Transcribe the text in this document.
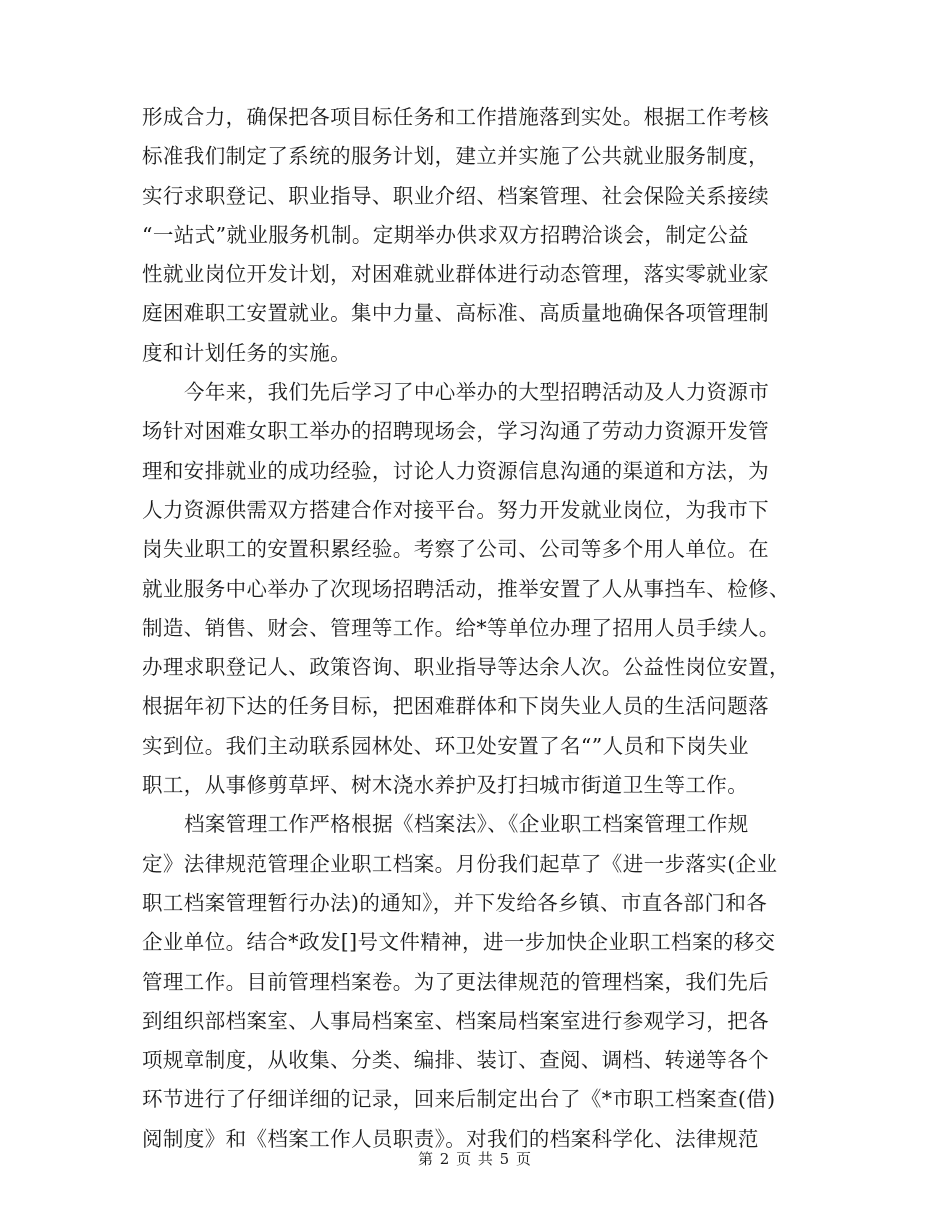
形成合力，确保把各项目标任务和工作措施落到实处。根据工作考核
标准我们制定了系统的服务计划，建立并实施了公共就业服务制度，
实行求职登记、职业指导、职业介绍、档案管理、社会保险关系接续
“一站式”就业服务机制。定期举办供求双方招聘洽谈会，制定公益
性就业岗位开发计划，对困难就业群体进行动态管理，落实零就业家
庭困难职工安置就业。集中力量、高标准、高质量地确保各项管理制
度和计划任务的实施。
今年来，我们先后学习了中心举办的大型招聘活动及人力资源市
场针对困难女职工举办的招聘现场会，学习沟通了劳动力资源开发管
理和安排就业的成功经验，讨论人力资源信息沟通的渠道和方法，为
人力资源供需双方搭建合作对接平台。努力开发就业岗位，为我市下
岗失业职工的安置积累经验。考察了公司、公司等多个用人单位。在
就业服务中心举办了次现场招聘活动，推举安置了人从事挡车、检修、
制造、销售、财会、管理等工作。给*等单位办理了招用人员手续人。
办理求职登记人、政策咨询、职业指导等达余人次。公益性岗位安置，
根据年初下达的任务目标，把困难群体和下岗失业人员的生活问题落
实到位。我们主动联系园林处、环卫处安置了名“”人员和下岗失业
职工，从事修剪草坪、树木浇水养护及打扫城市街道卫生等工作。
档案管理工作严格根据《档案法》、《企业职工档案管理工作规
定》法律规范管理企业职工档案。月份我们起草了《进一步落实(企业
职工档案管理暂行办法)的通知》，并下发给各乡镇、市直各部门和各
企业单位。结合*政发[]号文件精神，进一步加快企业职工档案的移交
管理工作。目前管理档案卷。为了更法律规范的管理档案，我们先后
到组织部档案室、人事局档案室、档案局档案室进行参观学习，把各
项规章制度，从收集、分类、编排、装订、查阅、调档、转递等各个
环节进行了仔细详细的记录，回来后制定出台了《*市职工档案查(借)
阅制度》和《档案工作人员职责》。对我们的档案科学化、法律规范
第 2 页 共 5 页
